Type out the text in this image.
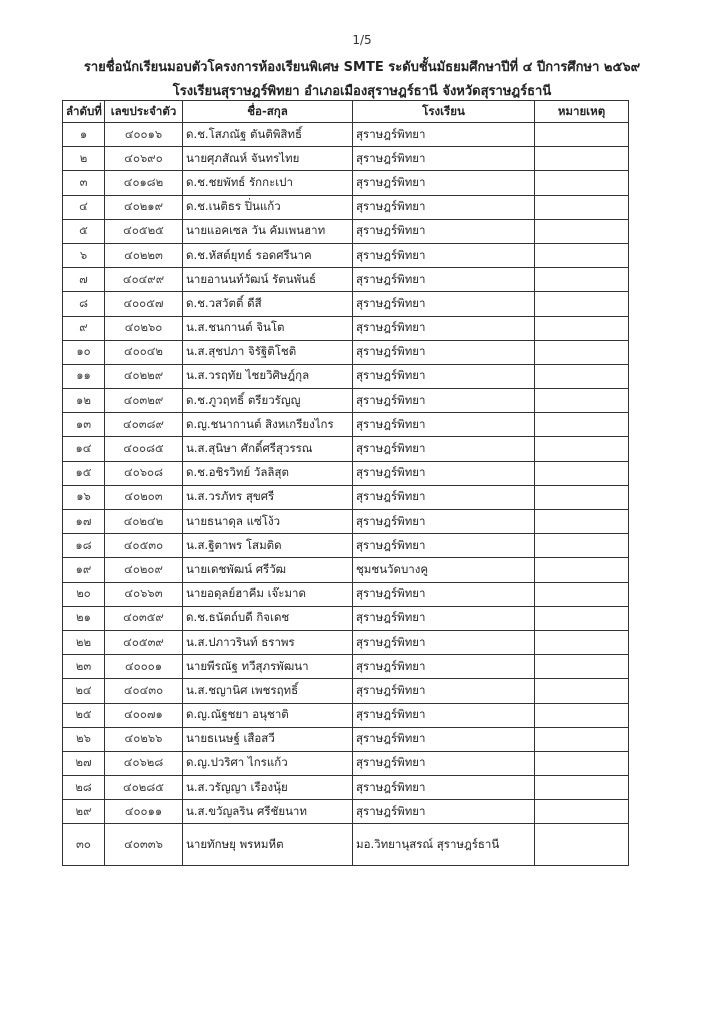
1/5
รายชื่อนักเรียนมอบตัวโครงการห้องเรียนพิเศษ SMTE ระดับชั้นมัธยมศึกษาปีที่ ๔ ปีการศึกษา ๒๕๖๙
โรงเรียนสุราษฎร์พิทยา อำเภอเมืองสุราษฎร์ธานี จังหวัดสุราษฎร์ธานี
ลำดับที่	เลขประจำตัว	ชื่อ-สกุล	โรงเรียน	หมายเหตุ
๑	๔๐๐๑๖	ด.ช.โสภณัฐ ตันติพิสิทธิ์	สุราษฎร์พิทยา	
๒	๔๐๖๙๐	นายศุภสัณห์ จันทรไทย	สุราษฎร์พิทยา	
๓	๔๐๑๘๒	ด.ช.ชยพัทธ์ รักกะเปา	สุราษฎร์พิทยา	
๔	๔๐๒๑๙	ด.ช.เนติธร ปิ่นแก้ว	สุราษฎร์พิทยา	
๕	๔๐๕๒๕	นายแอคเซล วัน คัมเพนฮาท	สุราษฎร์พิทยา	
๖	๔๐๒๒๓	ด.ช.หัสต์ยุทธ์ รอดศรีนาค	สุราษฎร์พิทยา	
๗	๔๐๔๙๙	นายอานนท์วัฒน์ รัตนพันธ์	สุราษฎร์พิทยา	
๘	๔๐๐๕๗	ด.ช.วสวัตติ์ ดีสี	สุราษฎร์พิทยา	
๙	๔๐๒๖๐	น.ส.ชนกานต์ จินโต	สุราษฎร์พิทยา	
๑๐	๔๐๐๔๒	น.ส.สุชปภา จิรัฐิติโชติ	สุราษฎร์พิทยา	
๑๑	๔๐๒๒๙	น.ส.วรฤทัย ไชยวิศิษฎ์กุล	สุราษฎร์พิทยา	
๑๒	๔๐๓๒๙	ด.ช.ภูวฤทธิ์ ตรียวรัญญู	สุราษฎร์พิทยา	
๑๓	๔๐๓๘๙	ด.ญ.ชนากานต์ สิงหเกรียงไกร	สุราษฎร์พิทยา	
๑๔	๔๐๐๘๕	น.ส.สุนิษา ศักดิ์ศรีสุวรรณ	สุราษฎร์พิทยา	
๑๕	๔๐๖๐๘	ด.ช.อชิรวิทย์ วัลลิสุต	สุราษฎร์พิทยา	
๑๖	๔๐๒๐๓	น.ส.วรภัทร สุขศรี	สุราษฎร์พิทยา	
๑๗	๔๐๒๔๒	นายธนาดุล แซ่โง้ว	สุราษฎร์พิทยา	
๑๘	๔๐๕๓๐	น.ส.ฐิตาพร โสมติด	สุราษฎร์พิทยา	
๑๙	๔๐๒๐๙	นายเดชพัฒน์ ศรีวัฒ	ชุมชนวัดบางคู	
๒๐	๔๐๖๖๓	นายอดุลย์ฮาคีม เจ๊ะมาด	สุราษฎร์พิทยา	
๒๑	๔๐๓๕๙	ด.ช.ธนัตถ์บดี กิจเดช	สุราษฎร์พิทยา	
๒๒	๔๐๕๓๙	น.ส.ปภาวรินท์ ธราพร	สุราษฎร์พิทยา	
๒๓	๔๐๐๐๑	นายพีรณัฐ ทวีสุภรพัฒนา	สุราษฎร์พิทยา	
๒๔	๔๐๔๓๐	น.ส.ชญานิศ เพชรฤทธิ์	สุราษฎร์พิทยา	
๒๕	๔๐๐๗๑	ด.ญ.ณัฐชยา อนุชาติ	สุราษฎร์พิทยา	
๒๖	๔๐๒๖๖	นายธเนษฐ์ เสือสวี	สุราษฎร์พิทยา	
๒๗	๔๐๖๒๘	ด.ญ.ปวริศา ไกรแก้ว	สุราษฎร์พิทยา	
๒๘	๔๐๒๘๕	น.ส.วรัญญา เรืองนุ้ย	สุราษฎร์พิทยา	
๒๙	๔๐๐๑๑	น.ส.ขวัญลริน ศรีชัยนาท	สุราษฎร์พิทยา	
๓๐	๔๐๓๓๖	นายทักษยุ พรหมหีต	มอ.วิทยานุสรณ์ สุราษฎร์ธานี	
